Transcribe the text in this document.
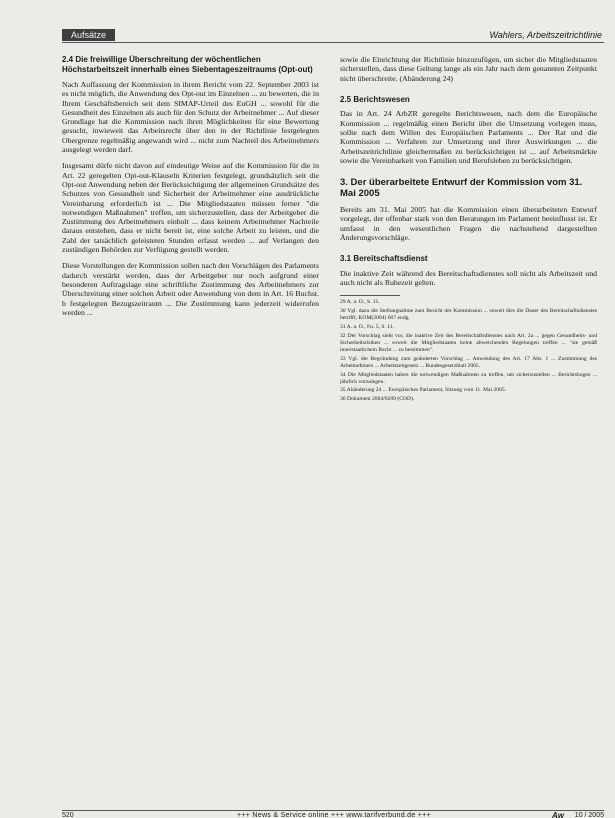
Aufsätze	Wahlers, Arbeitszeitrichtlinie
2.4 Die freiwillige Überschreitung der wöchentlichen Höchstarbeitszeit innerhalb eines Siebentageszeitraums (Opt-out)

Nach Auffassung der Kommission in ihrem Bericht vom 22. September 2003 ist es nicht möglich, die Anwendung des Opt-out im Einzelnen ... zu bewerten, die in Ihrem Geschäftsbereich seit dem SIMAP-Urteil des EuGH ... sowohl für die Gesundheit des Einzelnen als auch für den Schutz der Arbeitnehmer ... Auf dieser Grundlage hat die Kommission nach ihren Möglichkeiten für eine Bewertung gesucht, inwieweit das Arbeitsrecht über den in der Richtlinie festgelegten Obergrenze regelmäßig angewandt wird ... nicht zum Nachteil des Arbeitnehmers ausgelegt werden darf.

Insgesamt dürfe nicht davon auf eindeutige Weise auf die Kommission für die in Art. 22 geregelten Opt-out-Klauseln Kriterien festgelegt, grundsätzlich seit die Opt-out Anwendung neben der Berücksichtigung der allgemeinen Grundsätze des Schutzes von Gesundheit und Sicherheit der Arbeitnehmer eine ausdrückliche Vereinbarung erforderlich ist ... Die Mitgliedstaaten müssen ferner "die notwendigen Maßnahmen" treffen, um sicherzustellen, dass der Arbeitgeber die Zustimmung des Arbeitnehmers einholt ... dass keinem Arbeitnehmer Nachteile daraus entstehen, dass er nicht bereit ist, eine solche Arbeit zu leisten, und die Zahl der tatsächlich geleisteten Stunden erfasst werden ... auf Verlangen den zuständigen Behörden zur Verfügung gestellt werden.

Diese Vorstellungen der Kommission sollen nach den Vorschlägen des Parlaments dadurch verstärkt werden, dass der Arbeitgeber nur noch aufgrund einer besonderen Auftragslage eine schriftliche Zustimmung des Arbeitnehmers zur Überschreitung einer solchen Arbeit oder Anwendung von dem in Art. 16 Buchst. b festgelegten Bezugszeitraum ... Die Zustimmung kann jederzeit widerrufen werden ...

sowie die Einrichtung der Richtlinie hinzuzufügen, um sicher die Mitgliedstaaten sicherstellen, dass diese Geltung lange als ein Jahr nach dem genannten Zeitpunkt nicht überschreite. (Abänderung 24)

2.5 Berichtswesen

Das in Art. 24 ArbZR geregelte Berichtswesen, nach dem die Europäische Kommission ... regelmäßig einen Bericht über die Umsetzung vorlegen muss, sollte nach dem Willen des Europäischen Parlaments ... Der Rat und die Kommission ... Verfahren zur Umsetzung und ihrer Auswirkungen ... die Arbeitszeitrichtlinie gleichermaßen zu berücksichtigen ist ... auf Arbeitsmärkte sowie die Vereinbarkeit von Familien und Berufsleben zu berücksichtigen.

3. Der überarbeitete Entwurf der Kommission vom 31. Mai 2005

Bereits am 31. Mai 2005 hat die Kommission einen überarbeiteten Entwurf vorgelegt, der offenbar stark von den Beratungen im Parlament beeinflusst ist. Er umfasst in den wesentlichen Fragen die nachstehend dargestellten Änderungsvorschläge.

3.1 Bereitschaftsdienst

Die inaktive Zeit während des Bereitschaftsdienstes soll nicht als Arbeitszeit und auch nicht als Ruhezeit gelten.

29 A. a. O., S. 11.
30 Vgl. dazu die Stellungnahme zum Bericht der Kommission ... soweit dies die Dauer des Bereitschaftsdienstes betrifft; KOM(2004) 607 endg.
31 A. a. O., Fn. 5, S. 11.
32 Der Vorschlag sieht vor, die inaktive Zeit des Bereitschaftsdienstes nach Art. 2a ... gegen Gesundheits- und Sicherheitsrisiken ... soweit die Mitgliedstaaten keine abweichenden Regelungen treffen ... "sie gemäß innerstaatlichem Recht ... zu bestimmen".
33 Vgl. die Begründung zum geänderten Vorschlag ... Anwendung des Art. 17 Abs. 1 ... Zustimmung des Arbeitnehmers ... Arbeitszeitgesetz ... Bundesgesetzblatt 2005.
34 Die Mitgliedstaaten haben die notwendigen Maßnahmen zu treffen, um sicherzustellen ... Berichtsbogen ... jährlich vorzulegen.
35 Abänderung 24 ... Europäisches Parlament, Sitzung vom 11. Mai 2005.
36 Dokument 2004/0209 (COD).
520	+++ News & Service online +++ www.tarifverbund.de +++	Aw 10 / 2005
